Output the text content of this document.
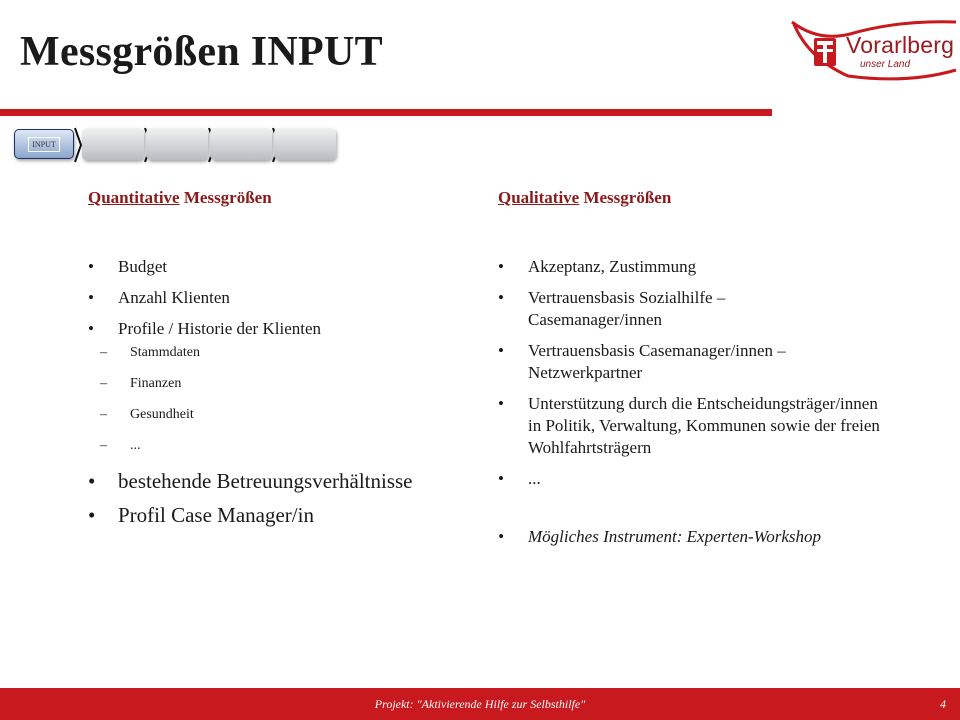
Messgrößen INPUT	Vorarlberg
unser Land
INPUT

Quantitative Messgrößen

• Budget
• Anzahl Klienten
• Profile / Historie der Klienten
– Stammdaten
– Finanzen
– Gesundheit
– ...
• bestehende Betreuungsverhältnisse
• Profil Case Manager/in

Qualitative Messgrößen

• Akzeptanz, Zustimmung
• Vertrauensbasis Sozialhilfe – Casemanager/innen
• Vertrauensbasis Casemanager/innen – Netzwerkpartner
• Unterstützung durch die Entscheidungsträger/innen in Politik, Verwaltung, Kommunen sowie der freien Wohlfahrtsträgern
• ...
• Mögliches Instrument: Experten-Workshop
Projekt: "Aktivierende Hilfe zur Selbsthilfe"	4
